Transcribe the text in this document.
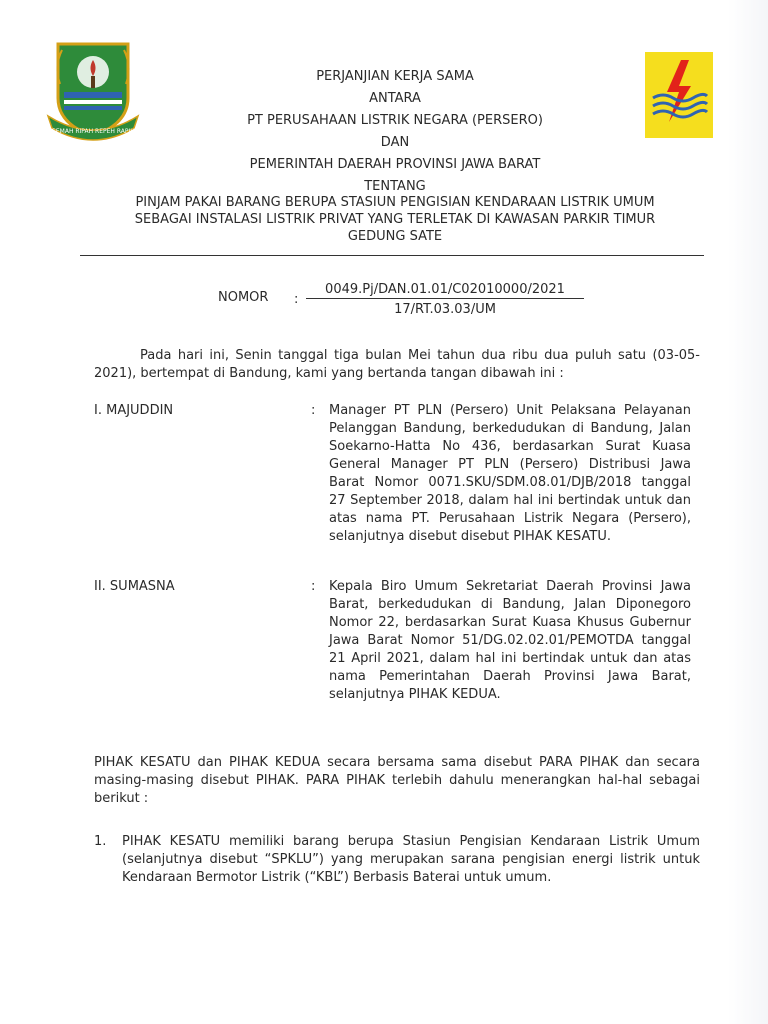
GEMAH RIPAH REPEH RAPIH
PERJANJIAN KERJA SAMA
ANTARA
PT PERUSAHAAN LISTRIK NEGARA (PERSERO)
DAN
PEMERINTAH DAERAH PROVINSI JAWA BARAT
TENTANG
PINJAM PAKAI BARANG BERUPA STASIUN PENGISIAN KENDARAAN LISTRIK UMUM
SEBAGAI INSTALASI LISTRIK PRIVAT YANG TERLETAK DI KAWASAN PARKIR TIMUR
GEDUNG SATE
NOMOR :
0049.Pj/DAN.01.01/C02010000/2021
17/RT.03.03/UM
Pada hari ini, Senin tanggal tiga bulan Mei tahun dua ribu dua puluh satu (03-05-2021), bertempat di Bandung, kami yang bertanda tangan dibawah ini :
I. MAJUDDIN	: Manager PT PLN (Persero) Unit Pelaksana Pelayanan Pelanggan Bandung, berkedudukan di Bandung, Jalan Soekarno-Hatta No 436, berdasarkan Surat Kuasa General Manager PT PLN (Persero) Distribusi Jawa Barat Nomor 0071.SKU/SDM.08.01/DJB/2018 tanggal 27 September 2018, dalam hal ini bertindak untuk dan atas nama PT. Perusahaan Listrik Negara (Persero), selanjutnya disebut disebut PIHAK KESATU.
II. SUMASNA	: Kepala Biro Umum Sekretariat Daerah Provinsi Jawa Barat, berkedudukan di Bandung, Jalan Diponegoro Nomor 22, berdasarkan Surat Kuasa Khusus Gubernur Jawa Barat Nomor 51/DG.02.02.01/PEMOTDA tanggal 21 April 2021, dalam hal ini bertindak untuk dan atas nama Pemerintahan Daerah Provinsi Jawa Barat, selanjutnya PIHAK KEDUA.
PIHAK KESATU dan PIHAK KEDUA secara bersama sama disebut PARA PIHAK dan secara masing-masing disebut PIHAK. PARA PIHAK terlebih dahulu menerangkan hal-hal sebagai berikut :
1. PIHAK KESATU memiliki barang berupa Stasiun Pengisian Kendaraan Listrik Umum (selanjutnya disebut “SPKLU”) yang merupakan sarana pengisian energi listrik untuk Kendaraan Bermotor Listrik (“KBL”) Berbasis Baterai untuk umum.
